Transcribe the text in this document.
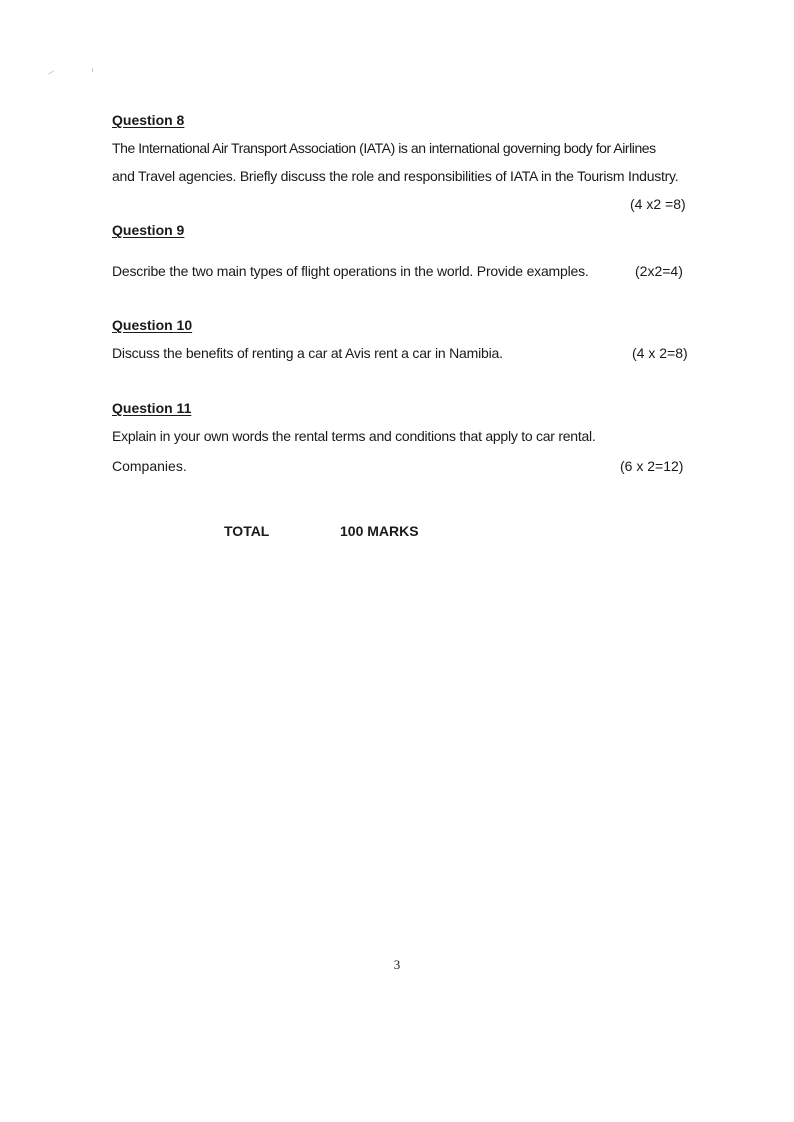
Question 8

The International Air Transport Association (IATA) is an international governing body for Airlines

and Travel agencies. Briefly discuss the role and responsibilities of IATA in the Tourism Industry.

(4 x2 =8)

Question 9

Describe the two main types of flight operations in the world. Provide examples.	(2x2=4)

Question 10

Discuss the benefits of renting a car at Avis rent a car in Namibia.	(4 x 2=8)

Question 11

Explain in your own words the rental terms and conditions that apply to car rental.

Companies.	(6 x 2=12)

TOTAL	100 MARKS

3
